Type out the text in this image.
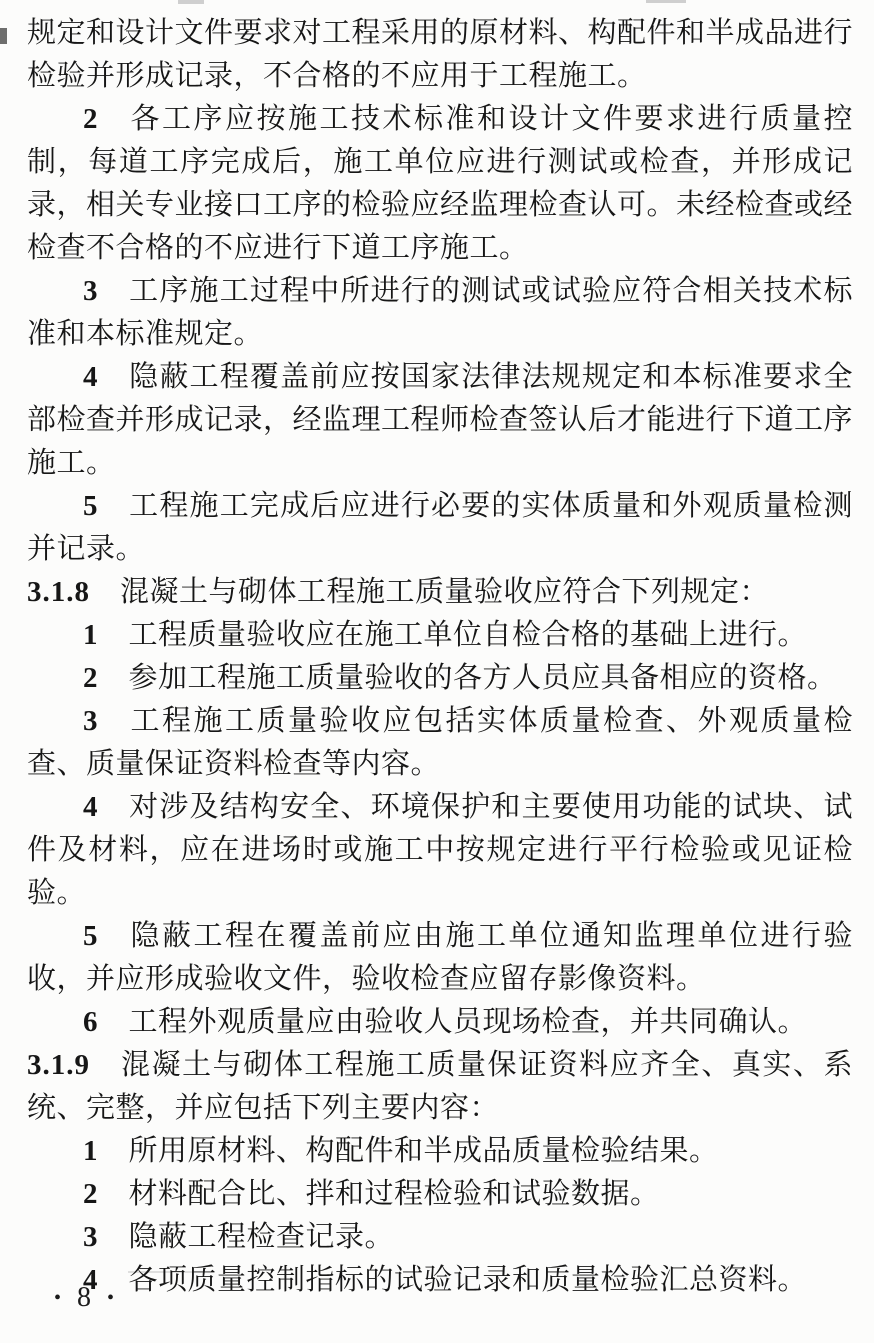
规定和设计文件要求对工程采用的原材料、构配件和半成品进行检验并形成记录，不合格的不应用于工程施工。

2 各工序应按施工技术标准和设计文件要求进行质量控制，每道工序完成后，施工单位应进行测试或检查，并形成记录，相关专业接口工序的检验应经监理检查认可。未经检查或经检查不合格的不应进行下道工序施工。

3 工序施工过程中所进行的测试或试验应符合相关技术标准和本标准规定。

4 隐蔽工程覆盖前应按国家法律法规规定和本标准要求全部检查并形成记录，经监理工程师检查签认后才能进行下道工序施工。

5 工程施工完成后应进行必要的实体质量和外观质量检测并记录。

3.1.8 混凝土与砌体工程施工质量验收应符合下列规定：

1 工程质量验收应在施工单位自检合格的基础上进行。

2 参加工程施工质量验收的各方人员应具备相应的资格。

3 工程施工质量验收应包括实体质量检查、外观质量检查、质量保证资料检查等内容。

4 对涉及结构安全、环境保护和主要使用功能的试块、试件及材料，应在进场时或施工中按规定进行平行检验或见证检验。

5 隐蔽工程在覆盖前应由施工单位通知监理单位进行验收，并应形成验收文件，验收检查应留存影像资料。

6 工程外观质量应由验收人员现场检查，并共同确认。

3.1.9 混凝土与砌体工程施工质量保证资料应齐全、真实、系统、完整，并应包括下列主要内容：

1 所用原材料、构配件和半成品质量检验结果。

2 材料配合比、拌和过程检验和试验数据。

3 隐蔽工程检查记录。

4 各项质量控制指标的试验记录和质量检验汇总资料。

• 8 •
